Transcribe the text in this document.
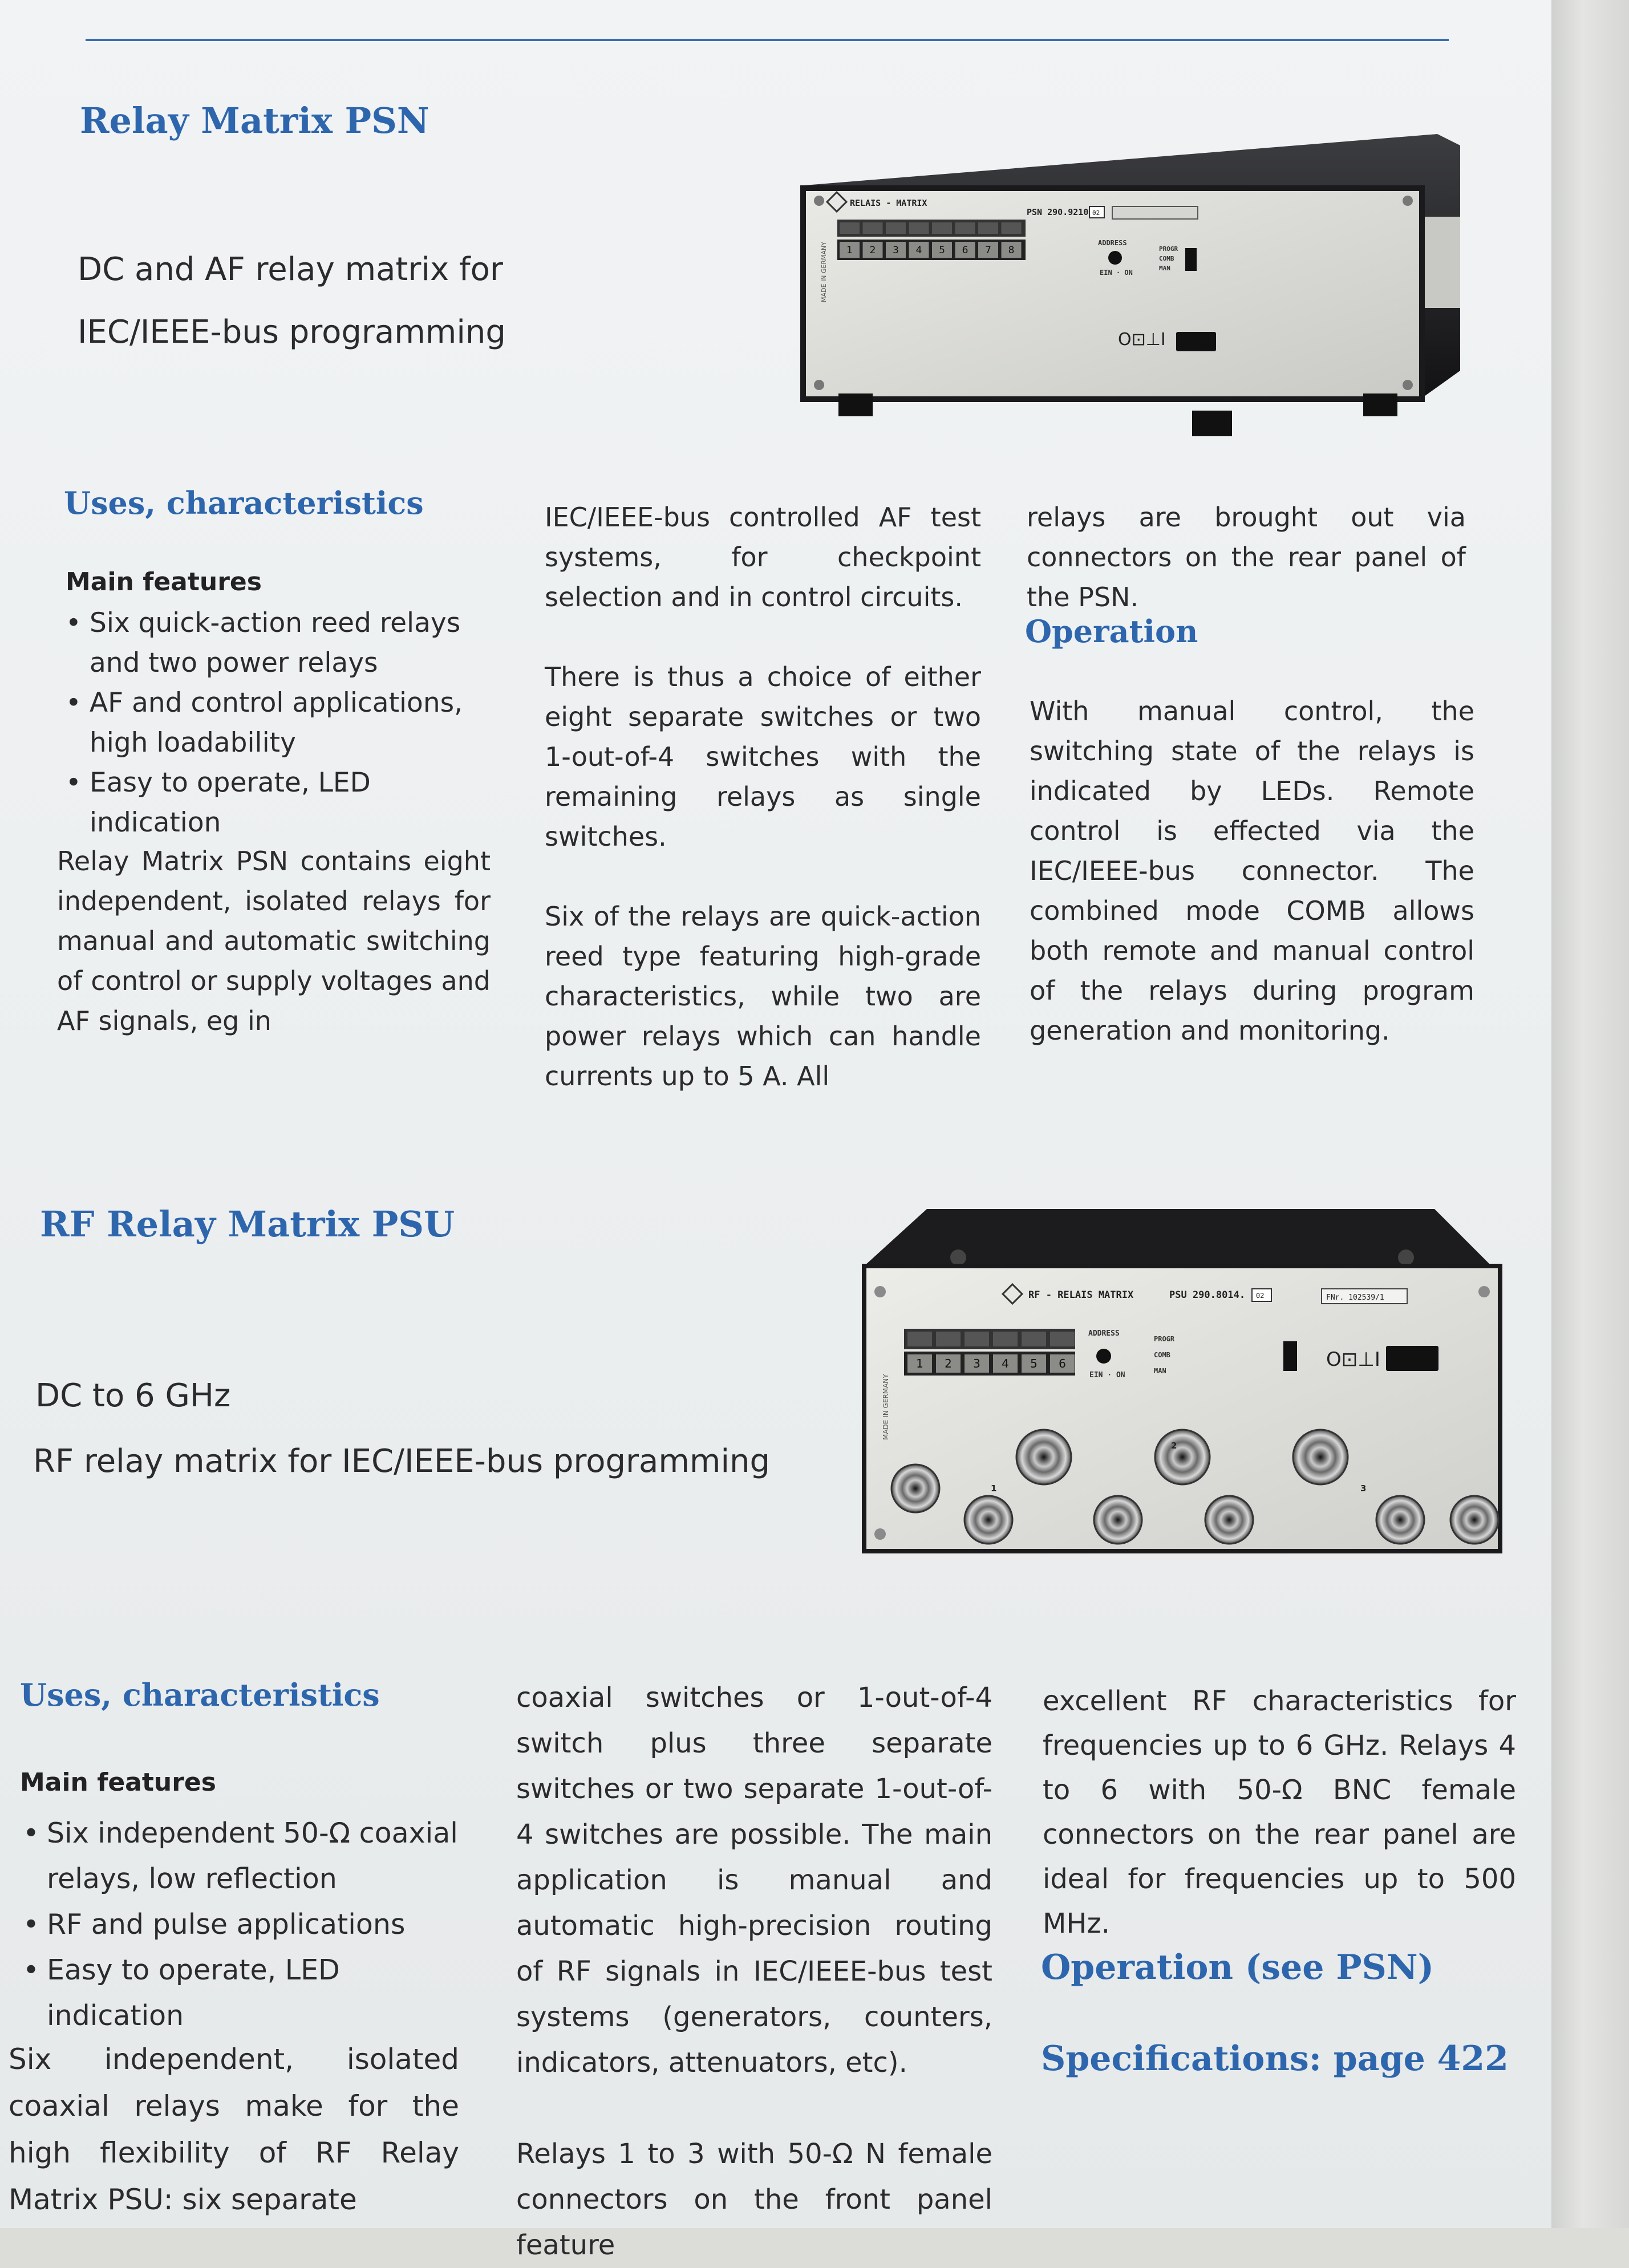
Relay Matrix PSN
DC and AF relay matrix for
IEC/IEEE-bus programming
RELAIS - MATRIX
PSN 290.9210 02
1 2 3 4 5 6 7 8
MADE IN GERMANY	ADDRESS
EIN · ON
PROGR
COMB
MAN
O⊡⊥I
Uses, characteristics
Main features
• Six quick-action reed relays and two power relays
• AF and control applications, high loadability
• Easy to operate, LED indication

Relay Matrix PSN contains eight independent, isolated relays for manual and automatic switching of control or supply voltages and AF signals, eg in

IEC/IEEE-bus controlled AF test systems, for checkpoint selection and in control circuits.

There is thus a choice of either eight separate switches or two 1-out-of-4 switches with the remaining relays as single switches.

Six of the relays are quick-action reed type featuring high-grade characteristics, while two are power relays which can handle currents up to 5 A. All

relays are brought out via connectors on the rear panel of the PSN.

Operation

With manual control, the switching state of the relays is indicated by LEDs. Remote control is effected via the IEC/IEEE-bus connector. The combined mode COMB allows both remote and manual control of the relays during program generation and monitoring.

RF Relay Matrix PSU
DC to 6 GHz
RF relay matrix for IEC/IEEE-bus programming
RF - RELAIS MATRIX	PSU 290.8014. 02	FNr. 102539/1
1 2 3 4 5 6
MADE IN GERMANY
ADDRESS
EIN · ON
PROGR
COMB
MAN	O⊡⊥I
1
2
3
Uses, characteristics
Main features
• Six independent 50-Ω coaxial relays, low reflection
• RF and pulse applications
• Easy to operate, LED indication

Six independent, isolated coaxial relays make for the high flexibility of RF Relay Matrix PSU: six separate

coaxial switches or 1-out-of-4 switch plus three separate switches or two separate 1-out-of-4 switches are possible. The main application is manual and automatic high-precision routing of RF signals in IEC/IEEE-bus test systems (generators, counters, indicators, attenuators, etc).

Relays 1 to 3 with 50-Ω N female connectors on the front panel feature

excellent RF characteristics for frequencies up to 6 GHz. Relays 4 to 6 with 50-Ω BNC female connectors on the rear panel are ideal for frequencies up to 500 MHz.

Operation (see PSN)
Specifications: page 422
